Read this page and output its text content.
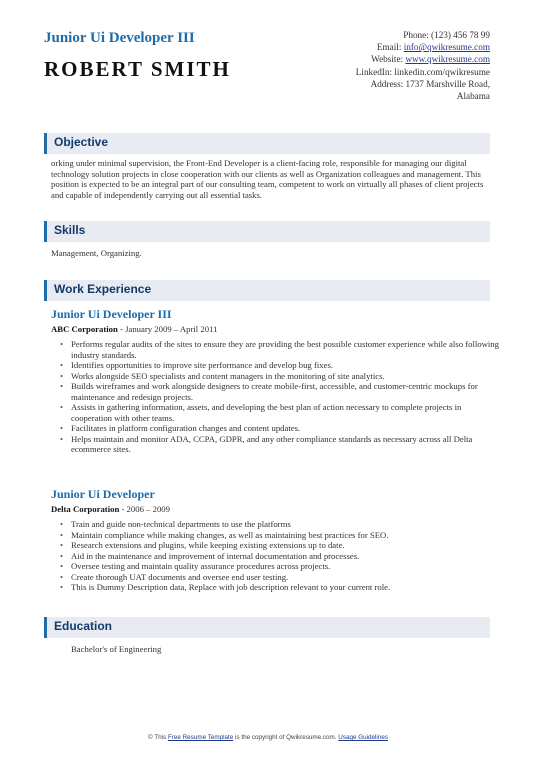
Junior Ui Developer III
ROBERT SMITH
Phone: (123) 456 78 99
Email: info@qwikresume.com
Website: www.qwikresume.com
LinkedIn: linkedin.com/qwikresume
Address: 1737 Marshville Road,
Alabama
Objective
orking under minimal supervision, the Front-End Developer is a client-facing role, responsible for managing our digital technology solution projects in close cooperation with our clients as well as Organization colleagues and management. This position is expected to be an integral part of our consulting team, competent to work on virtually all phases of client projects and capable of independently carrying out all essential tasks.
Skills
Management, Organizing.
Work Experience
Junior Ui Developer III
ABC Corporation - January 2009 – April 2011
• Performs regular audits of the sites to ensure they are providing the best possible customer experience while also following industry standards.
• Identifies opportunities to improve site performance and develop bug fixes.
• Works alongside SEO specialists and content managers in the monitoring of site analytics.
• Builds wireframes and work alongside designers to create mobile-first, accessible, and customer-centric mockups for maintenance and redesign projects.
• Assists in gathering information, assets, and developing the best plan of action necessary to complete projects in cooperation with other teams.
• Facilitates in platform configuration changes and content updates.
• Helps maintain and monitor ADA, CCPA, GDPR, and any other compliance standards as necessary across all Delta ecommerce sites.
Junior Ui Developer
Delta Corporation - 2006 – 2009
• Train and guide non-technical departments to use the platforms
• Maintain compliance while making changes, as well as maintaining best practices for SEO.
• Research extensions and plugins, while keeping existing extensions up to date.
• Aid in the maintenance and improvement of internal documentation and processes.
• Oversee testing and maintain quality assurance procedures across projects.
• Create thorough UAT documents and oversee end user testing.
• This is Dummy Description data, Replace with job description relevant to your current role.
Education
Bachelor's of Engineering
© This Free Resume Template is the copyright of Qwikresume.com. Usage Guidelines
